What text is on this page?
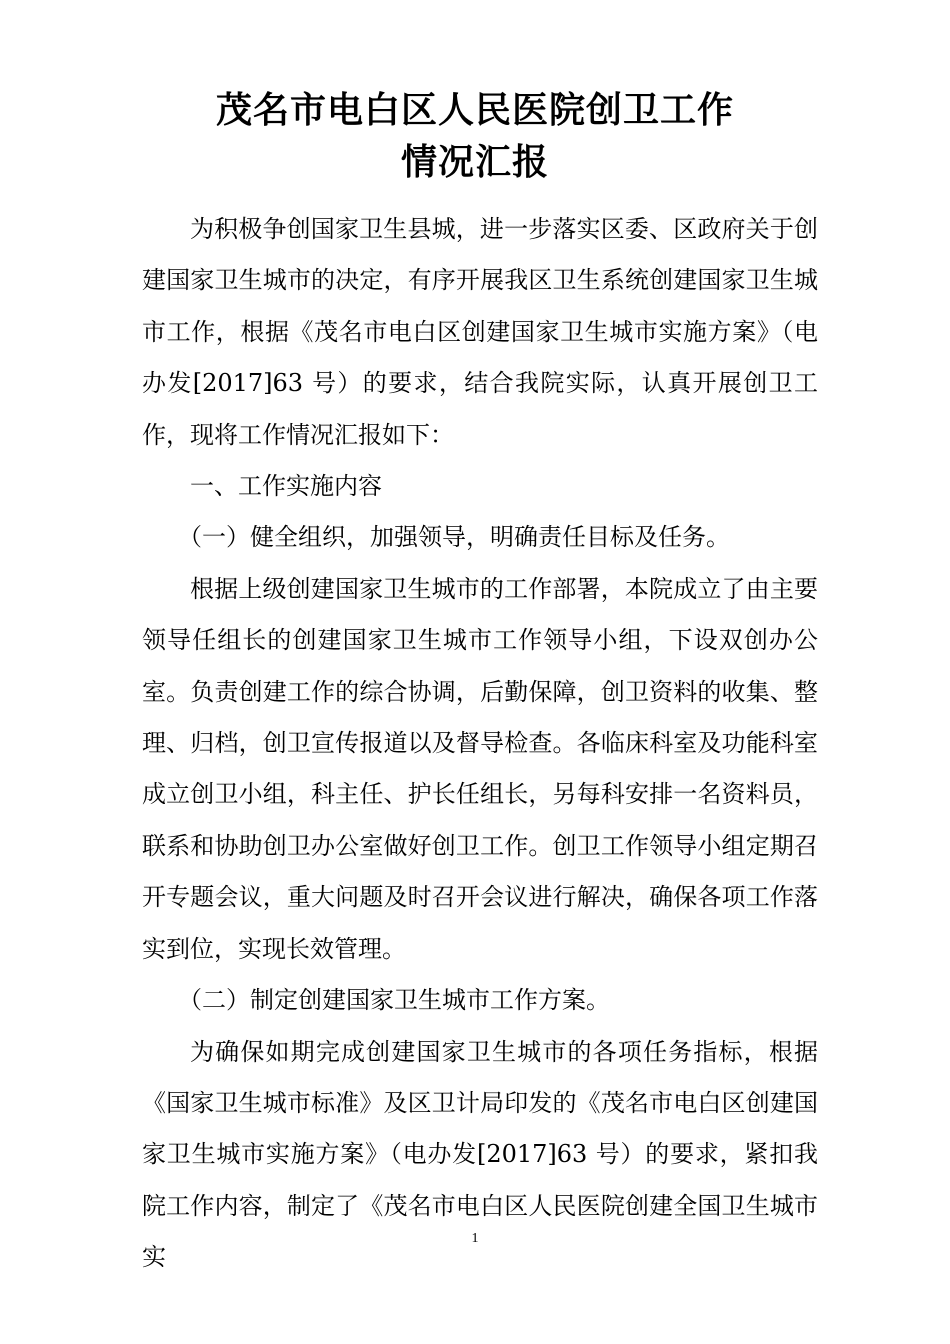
茂名市电白区人民医院创卫工作
情况汇报

为积极争创国家卫生县城，进一步落实区委、区政府关于创建国家卫生城市的决定，有序开展我区卫生系统创建国家卫生城市工作，根据《茂名市电白区创建国家卫生城市实施方案》（电办发[2017]63 号）的要求，结合我院实际，认真开展创卫工作，现将工作情况汇报如下：

一、工作实施内容

（一）健全组织，加强领导，明确责任目标及任务。

根据上级创建国家卫生城市的工作部署，本院成立了由主要领导任组长的创建国家卫生城市工作领导小组，下设双创办公室。负责创建工作的综合协调，后勤保障，创卫资料的收集、整理、归档，创卫宣传报道以及督导检查。各临床科室及功能科室成立创卫小组，科主任、护长任组长，另每科安排一名资料员，联系和协助创卫办公室做好创卫工作。创卫工作领导小组定期召开专题会议，重大问题及时召开会议进行解决，确保各项工作落实到位，实现长效管理。

（二）制定创建国家卫生城市工作方案。

为确保如期完成创建国家卫生城市的各项任务指标，根据《国家卫生城市标准》及区卫计局印发的《茂名市电白区创建国家卫生城市实施方案》（电办发[2017]63 号）的要求，紧扣我院工作内容，制定了《茂名市电白区人民医院创建全国卫生城市实

1
